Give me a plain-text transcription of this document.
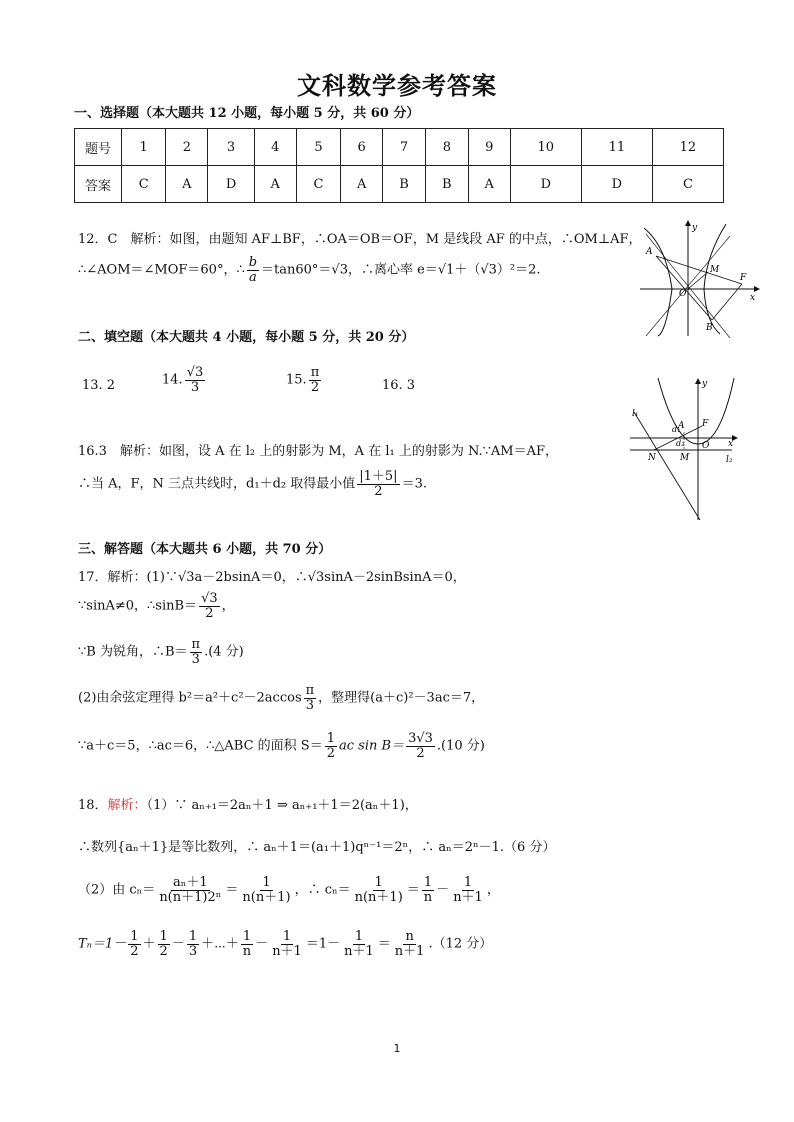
文科数学参考答案
一、选择题（本大题共 12 小题，每小题 5 分，共 60 分）
题号	1	2	3	4	5	6	7	8	9	10	11	12
答案	C	A	D	A	C	A	B	B	A	D	D	C
12．C　解析：如图，由题知 AF⊥BF，∴OA＝OB＝OF，M 是线段 AF 的中点，∴OM⊥AF，
∴∠AOM＝∠MOF＝60°，∴ $\frac{b}{a} =\tan 60^\circ=√3$，∴离心率 e＝√1＋（√3）²＝2.
y
x
A
M
F
O
B
二、填空题（本大题共 4 小题，每小题 5 分，共 20 分）
13. 2	14. $\frac{√3}{3}$	15. $\frac{\pi}{2}$	16. 3	y
x
l₁
l₂
A F
N	M
O
d₁
d₂
16.3　解析：如图，设 A 在 l₂ 上的射影为 M，A 在 l₁ 上的射影为 N.∵AM＝AF，
∴当 A，F，N 三点共线时，d₁＋d₂ 取得最小值 $\frac{|1+5|}{2} =3$.
三、解答题（本大题共 6 小题，共 70 分）
17．解析：(1)∵√3a－2bsinA＝0，∴√3sinA－2sinBsinA＝0，
∵sinA≠0，∴sinB＝ $\frac{√3}{2}$ ，
∵B 为锐角，∴B＝ $\frac{\pi}{3} .(4$ 分)
(2)由余弦定理得 $b^2=a^2+c^2-2accos \frac{\pi}{3}$ ，整理得(a＋c)²－3ac＝7，
∵a＋c＝5，∴ac＝6，∴△ABC 的面积 $S= \frac{1}{2}$ ac $\sin B= \frac{3√3}{2} .(10$ 分)
18．解析：（1）∵ aₙ₊₁＝2aₙ＋1 ⇒ aₙ₊₁＋1＝2(aₙ＋1)，
∴数列{aₙ＋1}是等比数列，∴ aₙ＋1＝(a₁＋1)qⁿ⁻¹＝2ⁿ，∴ aₙ＝2ⁿ－1.（6 分）
（2）由 $c_n= \frac{\text{aₙ＋1}}{\text{n(n＋1)2ⁿ}} = \frac{1}{n(n+1)}$ ，∴ $c_n= \frac{1}{n(n+1)} = \frac{1}{n} - \frac{1}{n+1}$ ，
$T_n=1- \frac{1}{2} + \frac{1}{2} - \frac{1}{3}$ ＋⋯＋ $\frac{1}{n} - \frac{1}{n+1} =1- \frac{1}{n+1} = \frac{n}{n+1} .(12$ 分）
1
